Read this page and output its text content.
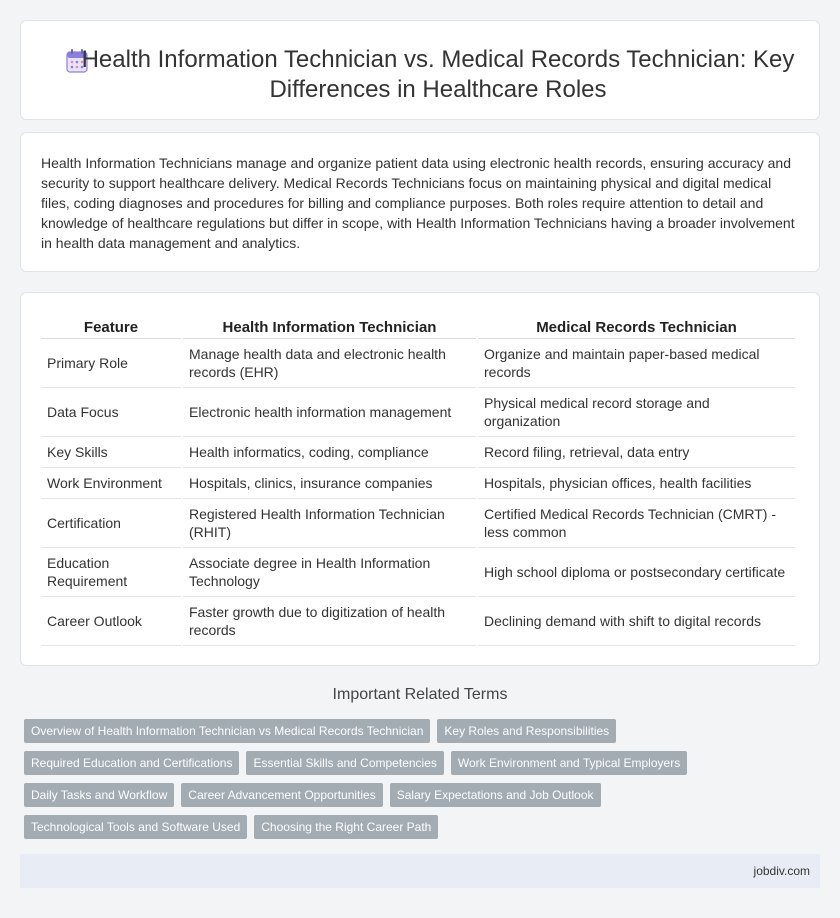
Health Information Technician vs. Medical Records Technician: Key Differences in Healthcare Roles

Health Information Technicians manage and organize patient data using electronic health records, ensuring accuracy and security to support healthcare delivery. Medical Records Technicians focus on maintaining physical and digital medical files, coding diagnoses and procedures for billing and compliance purposes. Both roles require attention to detail and knowledge of healthcare regulations but differ in scope, with Health Information Technicians having a broader involvement in health data management and analytics.

Feature	Health Information Technician	Medical Records Technician
Primary Role	Manage health data and electronic health records (EHR)	Organize and maintain paper-based medical records
Data Focus	Electronic health information management	Physical medical record storage and organization
Key Skills	Health informatics, coding, compliance	Record filing, retrieval, data entry
Work Environment	Hospitals, clinics, insurance companies	Hospitals, physician offices, health facilities
Certification	Registered Health Information Technician (RHIT)	Certified Medical Records Technician (CMRT) - less common
Education Requirement	Associate degree in Health Information Technology	High school diploma or postsecondary certificate
Career Outlook	Faster growth due to digitization of health records	Declining demand with shift to digital records
Important Related Terms
Overview of Health Information Technician vs Medical Records Technician Key Roles and Responsibilities
Required Education and Certifications Essential Skills and Competencies Work Environment and Typical Employers
Daily Tasks and Workflow Career Advancement Opportunities Salary Expectations and Job Outlook
Technological Tools and Software Used Choosing the Right Career Path
jobdiv.com
